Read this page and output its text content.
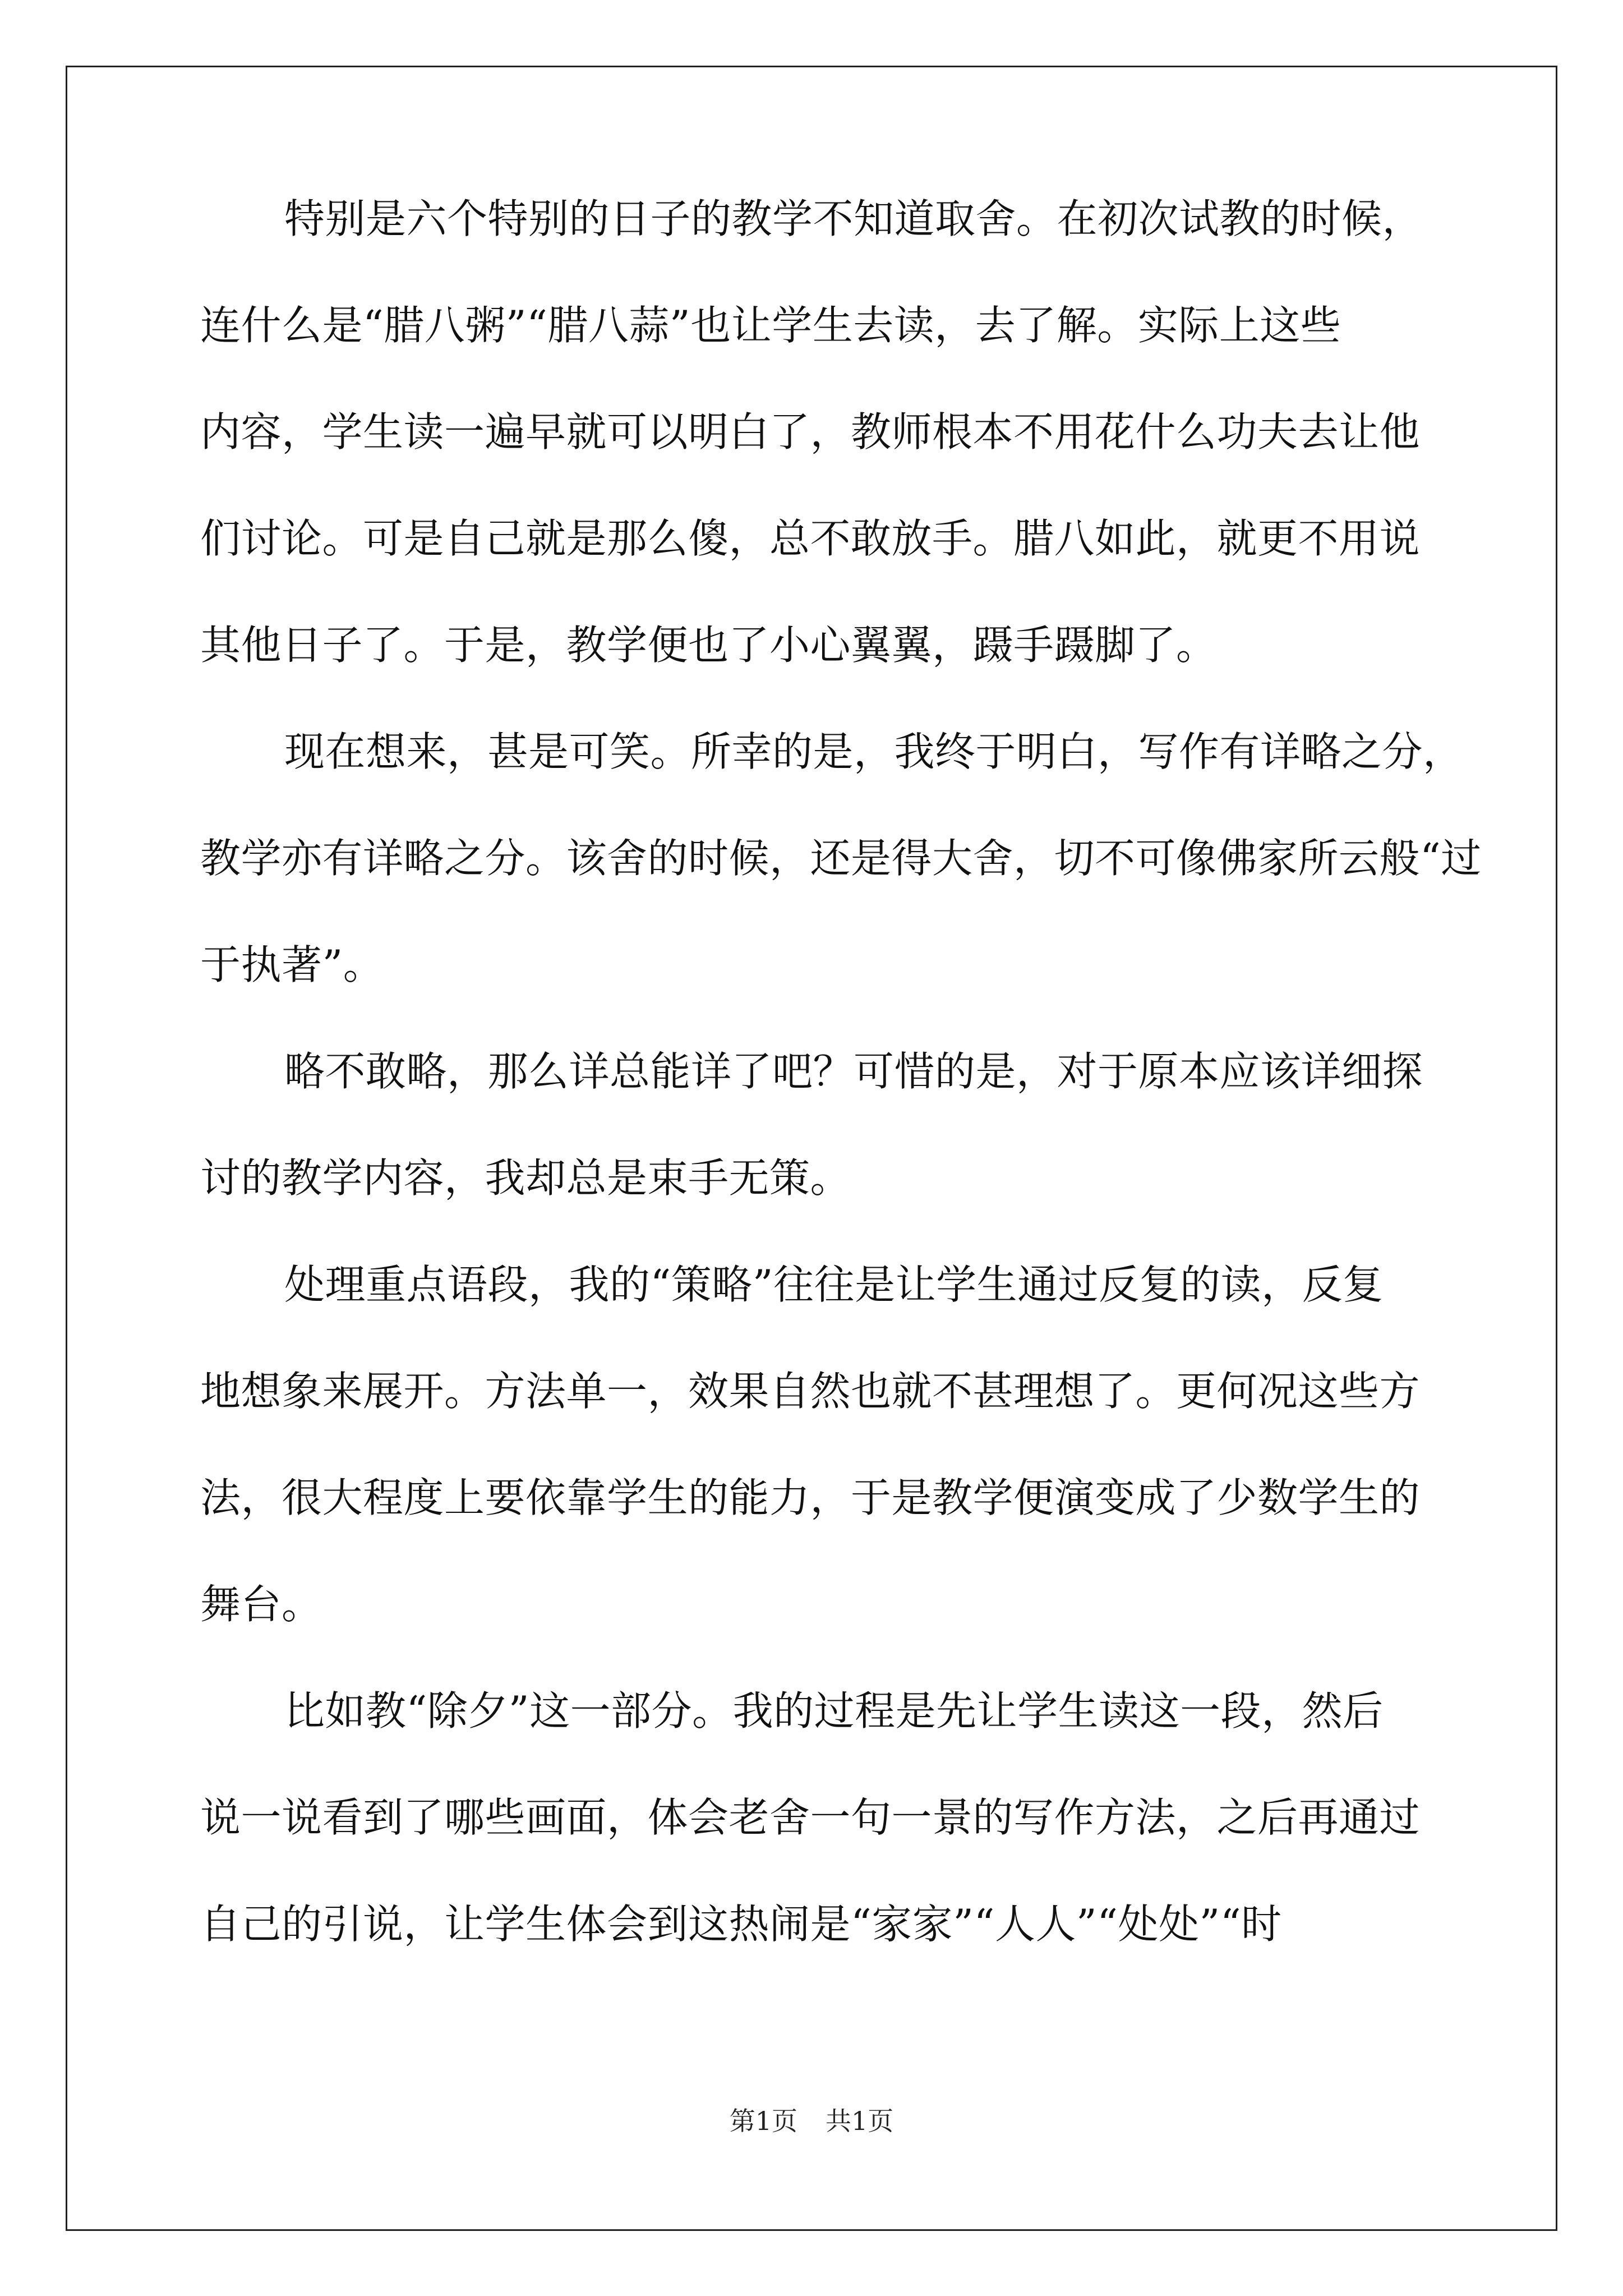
特别是六个特别的日子的教学不知道取舍。在初次试教的时候，
连什么是“腊八粥”“腊八蒜”也让学生去读，去了解。实际上这些
内容，学生读一遍早就可以明白了，教师根本不用花什么功夫去让他
们讨论。可是自己就是那么傻，总不敢放手。腊八如此，就更不用说
其他日子了。于是，教学便也了小心翼翼，蹑手蹑脚了。
现在想来，甚是可笑。所幸的是，我终于明白，写作有详略之分，
教学亦有详略之分。该舍的时候，还是得大舍，切不可像佛家所云般“过
于执著”。
略不敢略，那么详总能详了吧？可惜的是，对于原本应该详细探
讨的教学内容，我却总是束手无策。
处理重点语段，我的“策略”往往是让学生通过反复的读，反复
地想象来展开。方法单一，效果自然也就不甚理想了。更何况这些方
法，很大程度上要依靠学生的能力，于是教学便演变成了少数学生的
舞台。
比如教“除夕”这一部分。我的过程是先让学生读这一段，然后
说一说看到了哪些画面，体会老舍一句一景的写作方法，之后再通过
自己的引说，让学生体会到这热闹是“家家”“人人”“处处”“时
第1页 共1页
